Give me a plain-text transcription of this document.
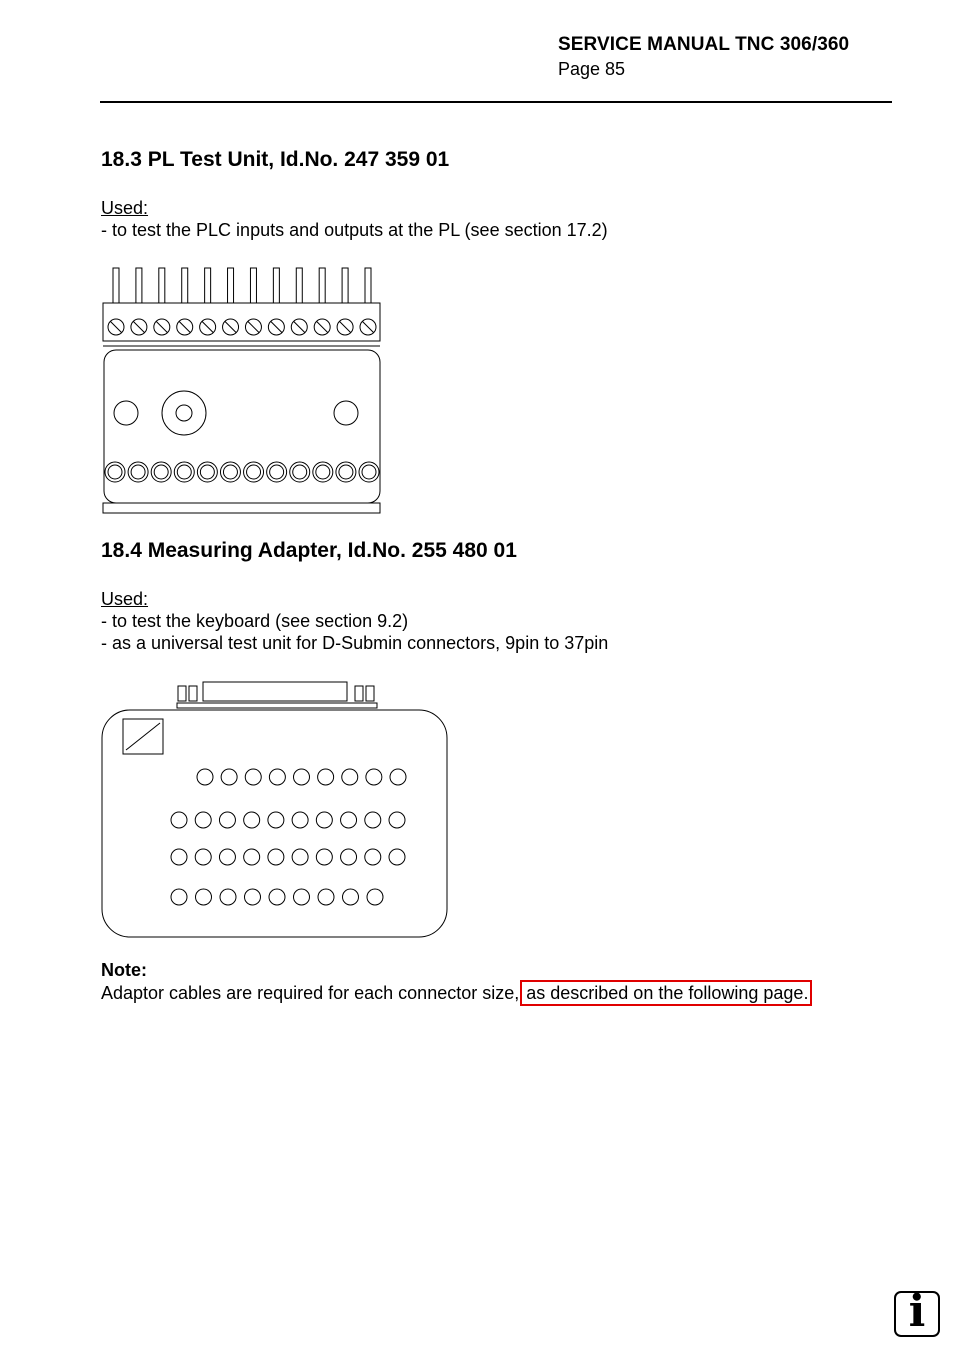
SERVICE MANUAL TNC 306/360
Page 85
18.3 PL Test Unit, Id.No. 247 359 01
Used:
- to test the PLC inputs and outputs at the PL (see section 17.2)
18.4 Measuring Adapter, Id.No. 255 480 01
Used:
- to test the keyboard (see section 9.2)
- as a universal test unit for D-Submin connectors, 9pin to 37pin
Note:
Adaptor cables are required for each connector size, as described on the following page.
i
